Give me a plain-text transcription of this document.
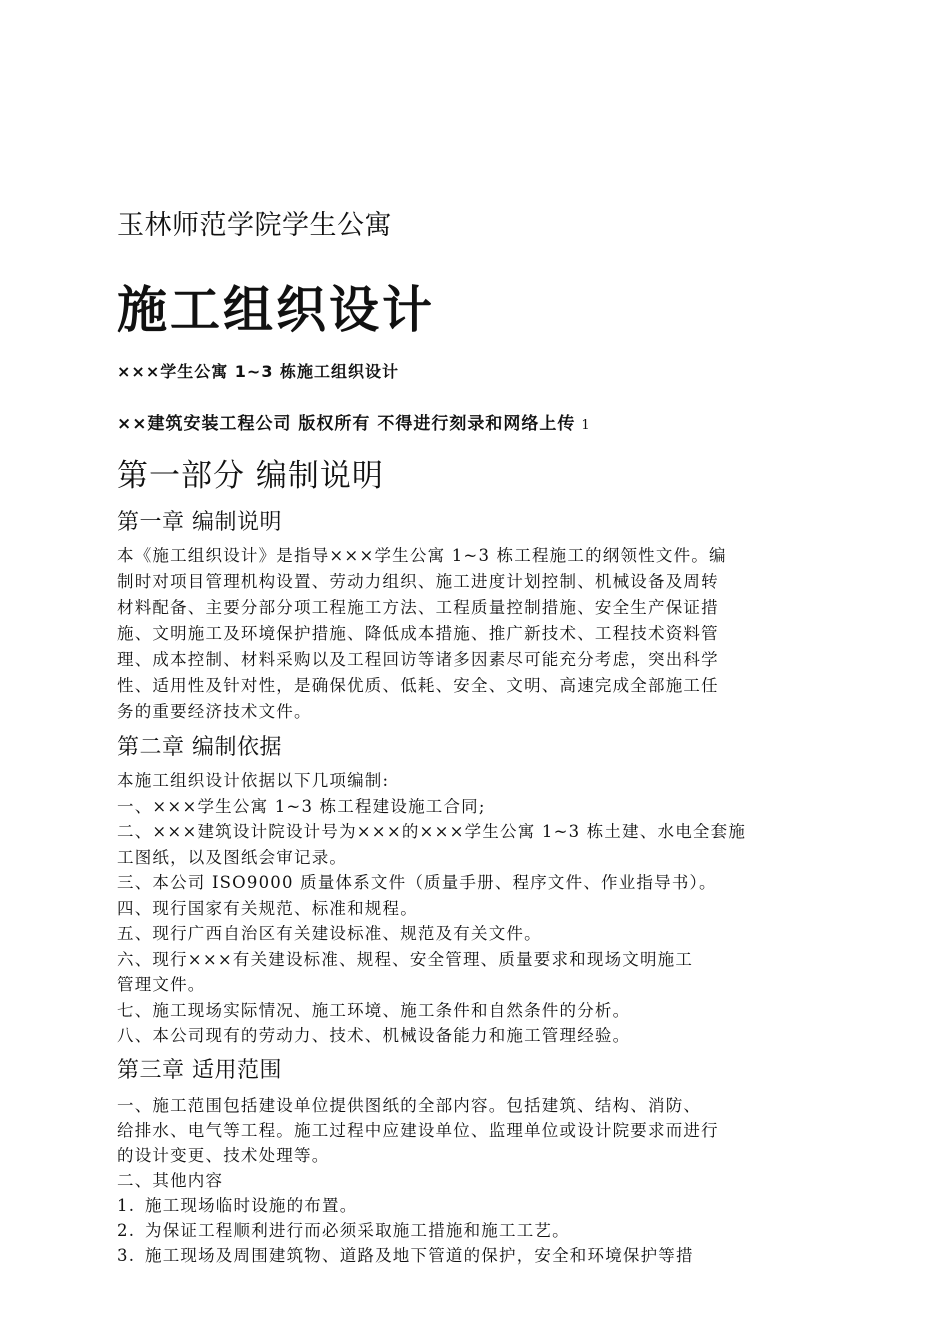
玉林师范学院学生公寓
施工组织设计
×××学生公寓 1~3 栋施工组织设计
××建筑安装工程公司 版权所有 不得进行刻录和网络上传 1
第一部分 编制说明
第一章 编制说明
本《施工组织设计》是指导×××学生公寓 1~3 栋工程施工的纲领性文件。编
制时对项目管理机构设置、劳动力组织、施工进度计划控制、机械设备及周转
材料配备、主要分部分项工程施工方法、工程质量控制措施、安全生产保证措
施、文明施工及环境保护措施、降低成本措施、推广新技术、工程技术资料管
理、成本控制、材料采购以及工程回访等诸多因素尽可能充分考虑，突出科学
性、适用性及针对性，是确保优质、低耗、安全、文明、高速完成全部施工任
务的重要经济技术文件。
第二章 编制依据
本施工组织设计依据以下几项编制:
一、×××学生公寓 1~3 栋工程建设施工合同;
二、×××建筑设计院设计号为×××的×××学生公寓 1~3 栋土建、水电全套施
工图纸，以及图纸会审记录。
三、本公司 ISO9000 质量体系文件（质量手册、程序文件、作业指导书）。
四、现行国家有关规范、标准和规程。
五、现行广西自治区有关建设标准、规范及有关文件。
六、现行×××有关建设标准、规程、安全管理、质量要求和现场文明施工
管理文件。
七、施工现场实际情况、施工环境、施工条件和自然条件的分析。
八、本公司现有的劳动力、技术、机械设备能力和施工管理经验。
第三章 适用范围
一、施工范围包括建设单位提供图纸的全部内容。包括建筑、结构、消防、
给排水、电气等工程。施工过程中应建设单位、监理单位或设计院要求而进行
的设计变更、技术处理等。
二、其他内容
1. 施工现场临时设施的布置。
2. 为保证工程顺利进行而必须采取施工措施和施工工艺。
3. 施工现场及周围建筑物、道路及地下管道的保护，安全和环境保护等措
